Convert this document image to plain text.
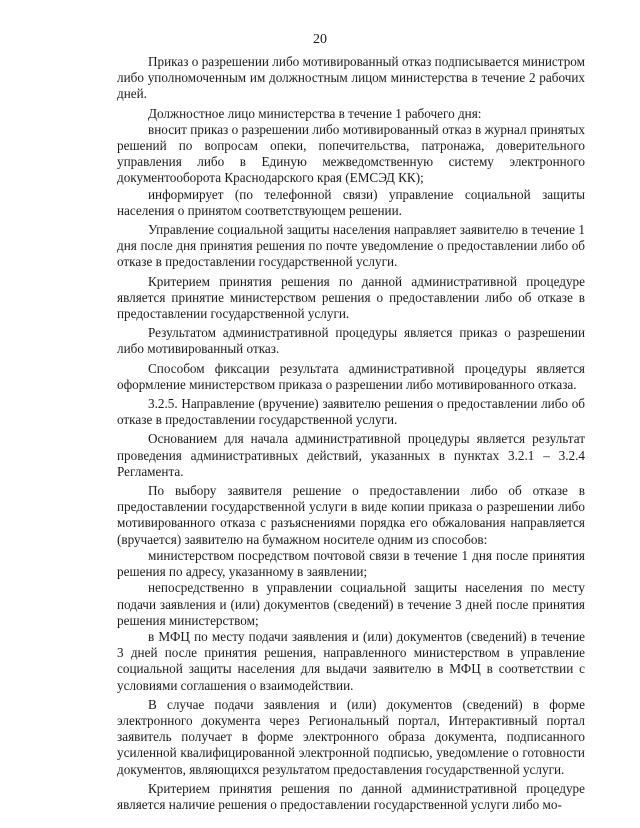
20

Приказ о разрешении либо мотивированный отказ подписывается министром либо уполномоченным им должностным лицом министерства в течение 2 рабочих дней.

Должностное лицо министерства в течение 1 рабочего дня:

вносит приказ о разрешении либо мотивированный отказ в журнал принятых решений по вопросам опеки, попечительства, патронажа, доверительного управления либо в Единую межведомственную систему электронного документооборота Краснодарского края (ЕМСЭД КК);

информирует (по телефонной связи) управление социальной защиты населения о принятом соответствующем решении.

Управление социальной защиты населения направляет заявителю в течение 1 дня после дня принятия решения по почте уведомление о предоставлении либо об отказе в предоставлении государственной услуги.

Критерием принятия решения по данной административной процедуре является принятие министерством решения о предоставлении либо об отказе в предоставлении государственной услуги.

Результатом административной процедуры является приказ о разрешении либо мотивированный отказ.

Способом фиксации результата административной процедуры является оформление министерством приказа о разрешении либо мотивированного отказа.

3.2.5. Направление (вручение) заявителю решения о предоставлении либо об отказе в предоставлении государственной услуги.

Основанием для начала административной процедуры является результат проведения административных действий, указанных в пунктах 3.2.1 – 3.2.4 Регламента.

По выбору заявителя решение о предоставлении либо об отказе в предоставлении государственной услуги в виде копии приказа о разрешении либо мотивированного отказа с разъяснениями порядка его обжалования направляется (вручается) заявителю на бумажном носителе одним из способов:

министерством посредством почтовой связи в течение 1 дня после принятия решения по адресу, указанному в заявлении;

непосредственно в управлении социальной защиты населения по месту подачи заявления и (или) документов (сведений) в течение 3 дней после принятия решения министерством;

в МФЦ по месту подачи заявления и (или) документов (сведений) в течение 3 дней после принятия решения, направленного министерством в управление социальной защиты населения для выдачи заявителю в МФЦ в соответствии с условиями соглашения о взаимодействии.

В случае подачи заявления и (или) документов (сведений) в форме электронного документа через Региональный портал, Интерактивный портал заявитель получает в форме электронного образа документа, подписанного усиленной квалифицированной электронной подписью, уведомление о готовности документов, являющихся результатом предоставления государственной услуги.

Критерием принятия решения по данной административной процедуре является наличие решения о предоставлении государственной услуги либо мо-
